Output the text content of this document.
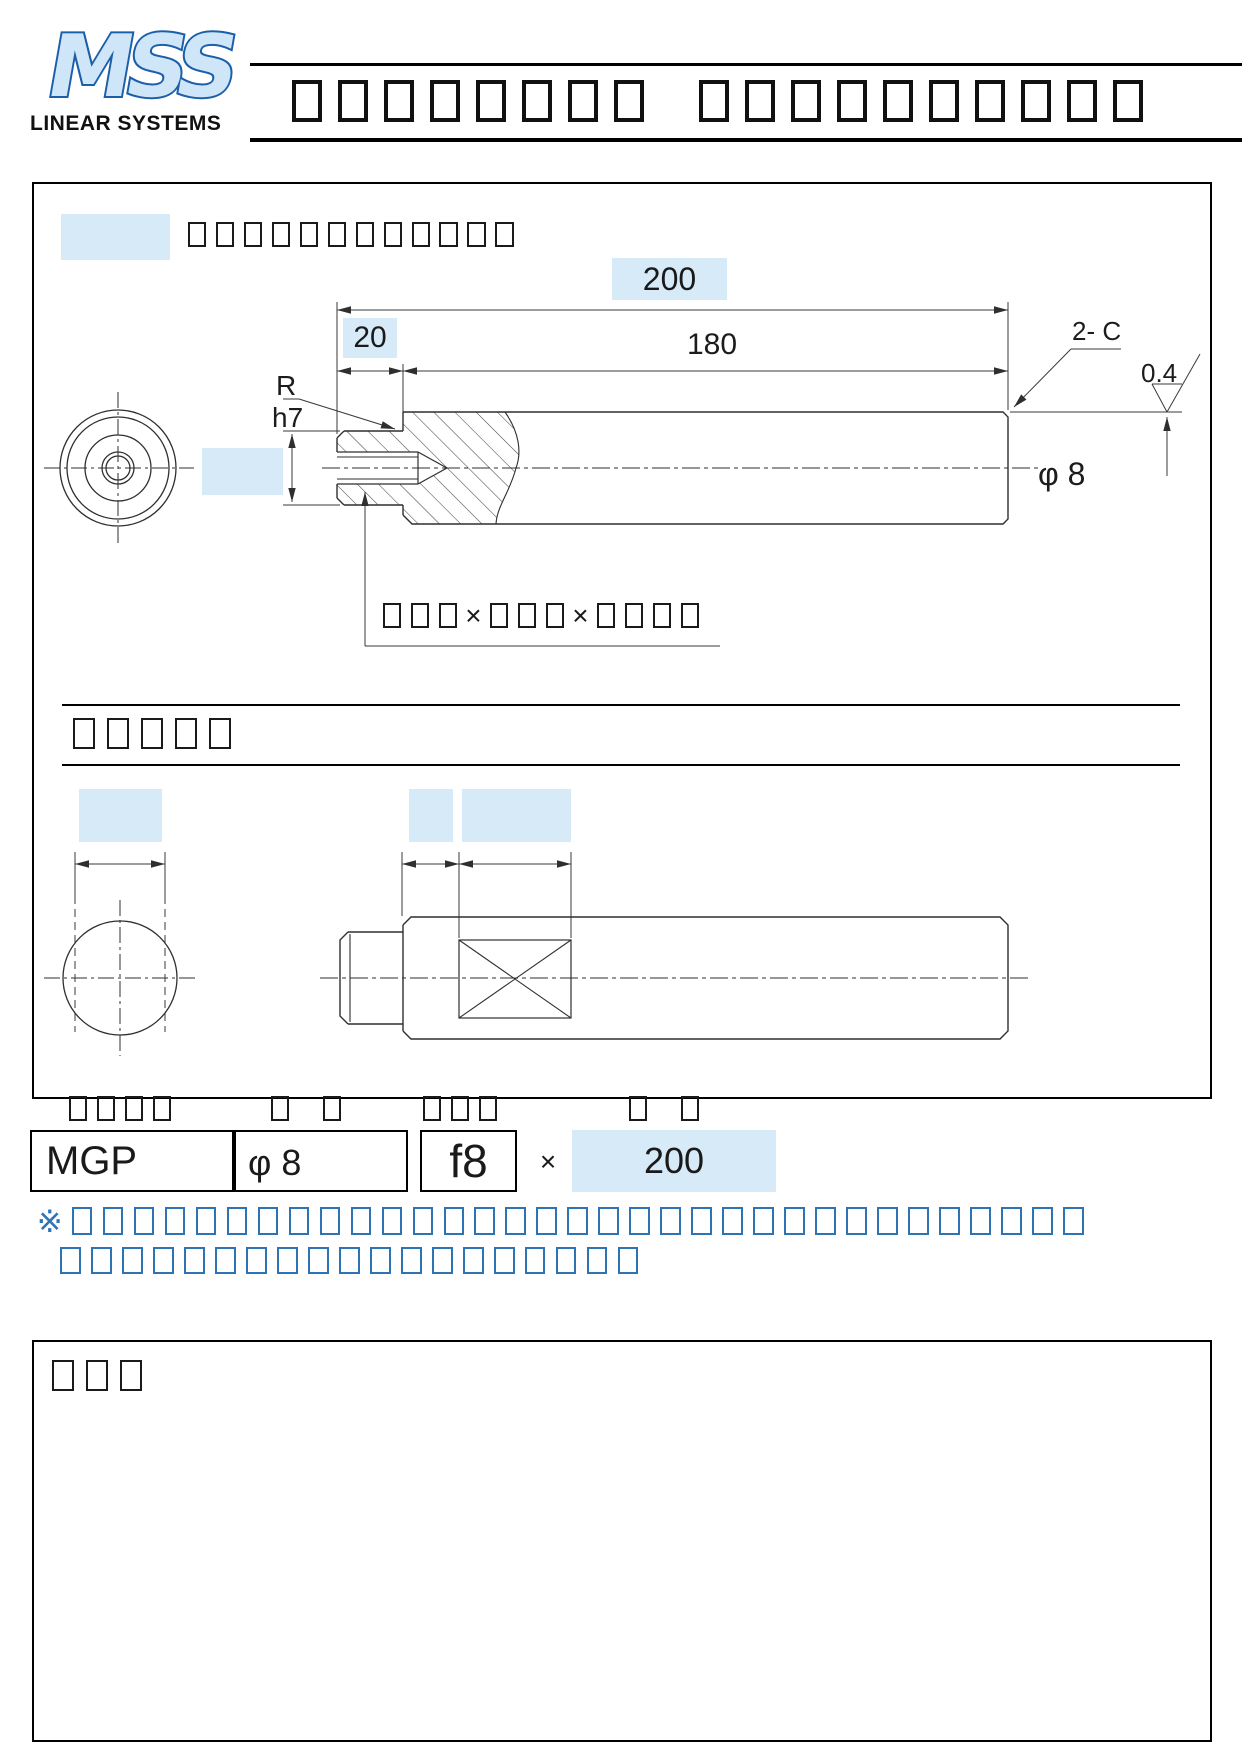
MSS
LINEAR SYSTEMS
200
20	180
R
h7
2- C
0.4
φ 8
×	×
MGP	φ 8	f8	×	200
※
